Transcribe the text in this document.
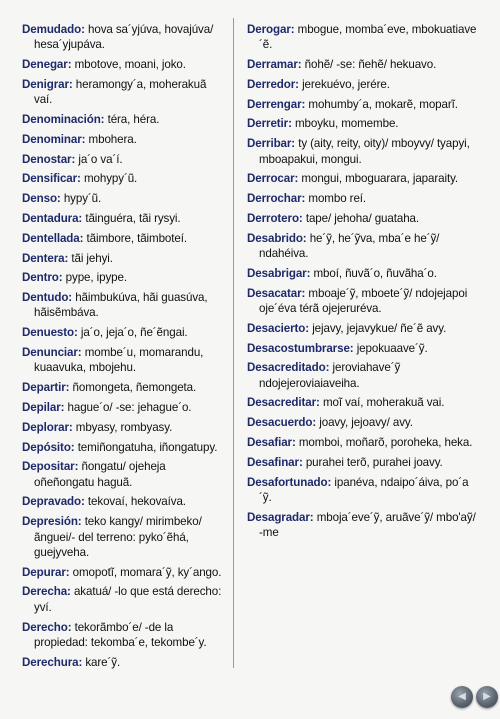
Demudado: hova sa´yjúva, hovajúva/ hesa´yjupáva.

Denegar: mbotove, moani, joko.

Denigrar: heramongy´a, moherakuã vaí.

Denominación: téra, héra.

Denominar: mbohera.

Denostar: ja´o va´í.

Densificar: mohypy´ũ.

Denso: hypy´ũ.

Dentadura: tãinguéra, tãi rysyi.

Dentellada: tãimbore, tãimboteí.

Dentera: tãi jehyi.

Dentro: pype, ipype.

Dentudo: hãimbukúva, hãi guasúva, hãisẽmbáva.

Denuesto: ja´o, jeja´o, ñe´ẽngai.

Denunciar: mombe´u, momarandu, kuaavuka, mbojehu.

Departir: ñomongeta, ñemongeta.

Depilar: hague´o/ -se: jehague´o.

Deplorar: mbyasy, rombyasy.

Depósito: temiñongatuha, iñongatupy.

Depositar: ñongatu/ ojeheja oñeñongatu haguã.

Depravado: tekovaí, hekovaíva.

Depresión: teko kangy/ mirimbeko/ ãnguei/- del terreno: pyko´ẽhá, guejyveha.

Depurar: omopotĩ, momara´ỹ, ky´ango.

Derecha: akatuá/ -lo que está derecho: yví.

Derecho: tekorãmbo´e/ -de la propiedad: tekomba´e, tekombe´y.

Derechura: kare´ỹ.

Derogar: mbogue, momba´eve, mbokuatiave´ẽ.

Derramar: ñohẽ/ -se: ñehẽ/ hekuavo.

Derredor: jerekuévo, jerére.

Derrengar: mohumby´a, mokarẽ, moparĩ.

Derretir: mboyku, momembe.

Derribar: ty (aity, reity, oity)/ mboyvy/ tyapyi, mboapakui, mongui.

Derrocar: mongui, mboguarara, japaraity.

Derrochar: mombo reí.

Derrotero: tape/ jehoha/ guataha.

Desabrido: he´ỹ, he´ỹva, mba´e he´ỹ/ ndahéiva.

Desabrigar: mboí, ñuvã´o, ñuvãha´o.

Desacatar: mboaje´ỹ, mboete´ỹ/ ndojejapoi oje´éva térã ojejeruréva.

Desacierto: jejavy, jejavykue/ ñe´ẽ avy.

Desacostumbrarse: jepokuaave´ỹ.

Desacreditado: jeroviahave´ỹ ndojejeroviaiaveiha.

Desacreditar: moĩ vaí, moherakuã vai.

Desacuerdo: joavy, jejoavy/ avy.

Desafiar: momboi, moñarõ, poroheka, heka.

Desafinar: purahei terõ, purahei joavy.

Desafortunado: ipanéva, ndaipo´áiva, po´a´ỹ.

Desagradar: mboja´eve´ỹ, aruãve´ỹ/ mbo'aỹ/ -me

◀	▶
